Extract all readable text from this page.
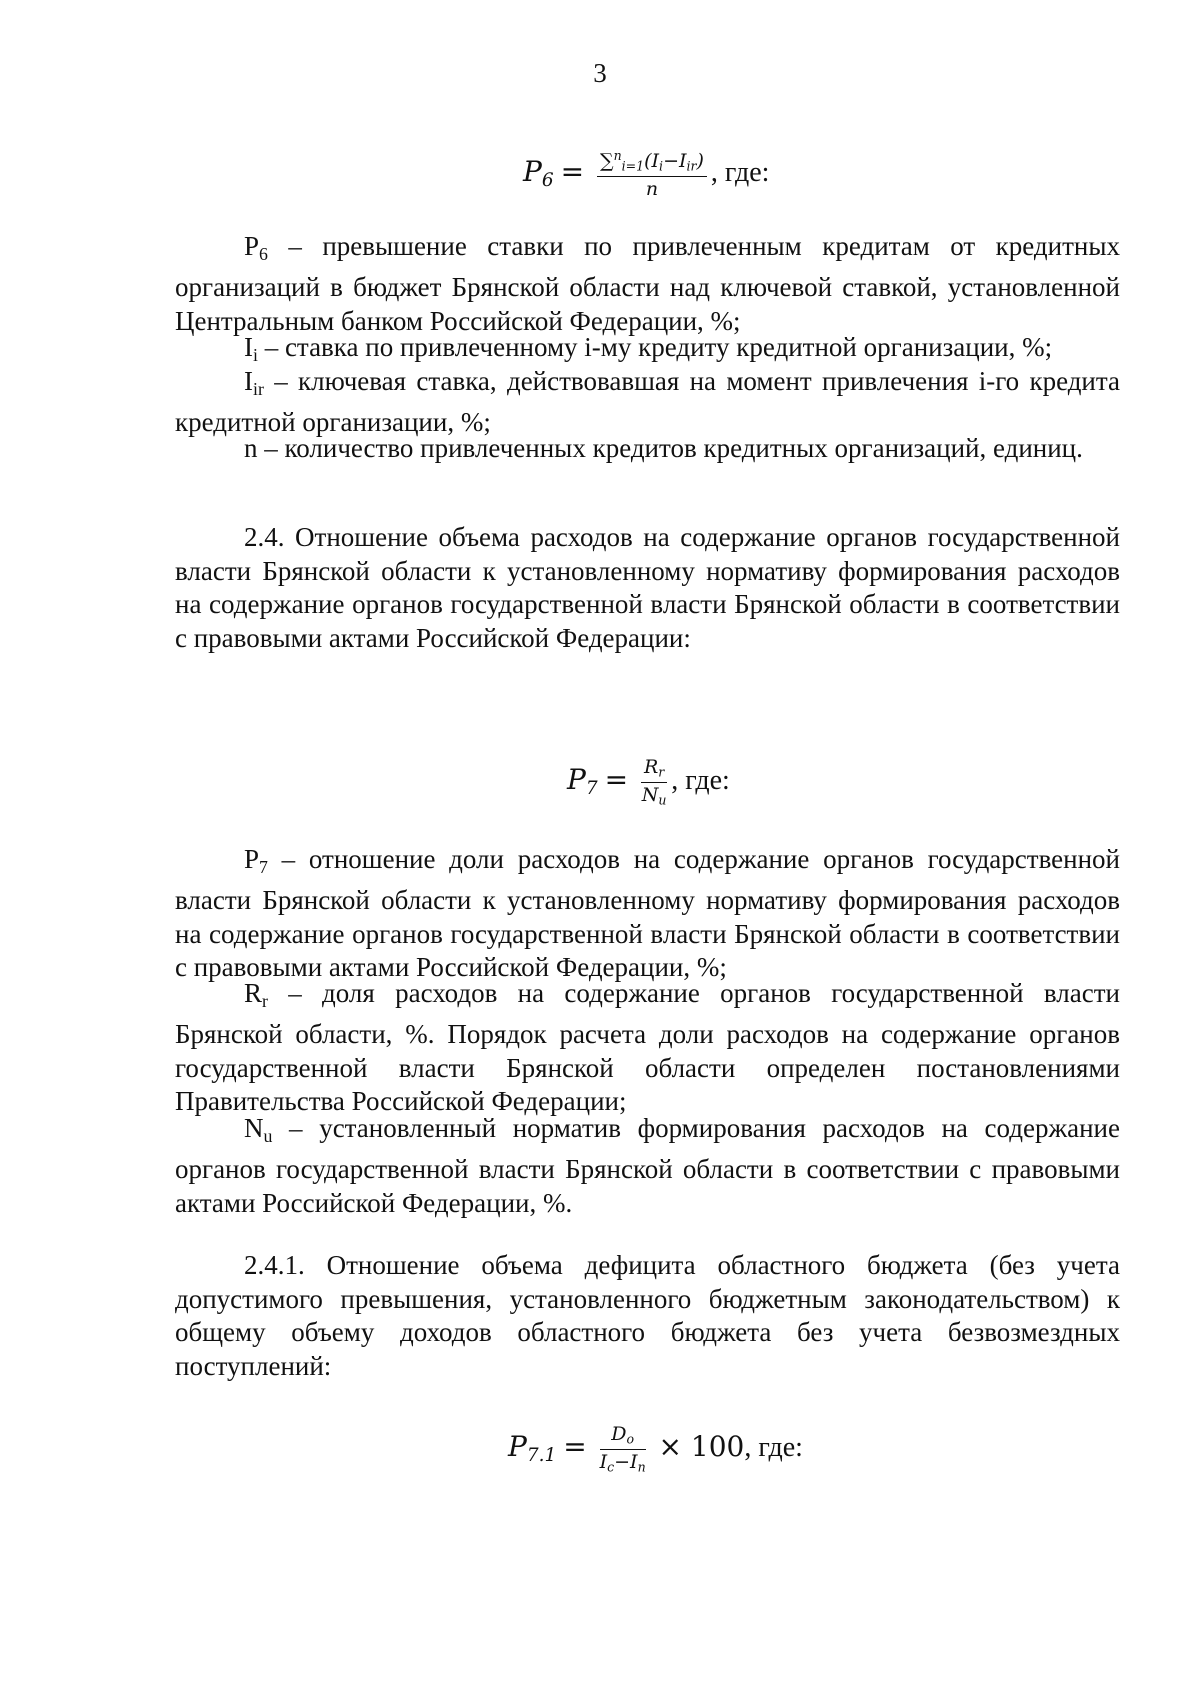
3
$P_6 = \frac{\sum^n_{i=1}(I_i-I_{ir})}{n}$ , где:

$P_6$ – превышение ставки по привлеченным кредитам от кредитных организаций в бюджет Брянской области над ключевой ставкой, установленной Центральным банком Российской Федерации, %;

$I_i$ – ставка по привлеченному i-му кредиту кредитной организации, %;

$I_{ir}$ – ключевая ставка, действовавшая на момент привлечения i-го кредита кредитной организации, %;

n – количество привлеченных кредитов кредитных организаций, единиц.

2.4. Отношение объема расходов на содержание органов государственной власти Брянской области к установленному нормативу формирования расходов на содержание органов государственной власти Брянской области в соответствии с правовыми актами Российской Федерации:

$P_7 = \frac{R_r}{N_u}$ , где:

$P_7$ – отношение доли расходов на содержание органов государственной власти Брянской области к установленному нормативу формирования расходов на содержание органов государственной власти Брянской области в соответствии с правовыми актами Российской Федерации, %;

$R_r$ – доля расходов на содержание органов государственной власти Брянской области, %. Порядок расчета доли расходов на содержание органов государственной власти Брянской области определен постановлениями Правительства Российской Федерации;

$N_u$ – установленный норматив формирования расходов на содержание органов государственной власти Брянской области в соответствии с правовыми актами Российской Федерации, %.

2.4.1. Отношение объема дефицита областного бюджета (без учета допустимого превышения, установленного бюджетным законодательством) к общему объему доходов областного бюджета без учета безвозмездных поступлений:

$P_{7.1} = \frac{D_o}{I_c-I_n} \times 100$, где:
